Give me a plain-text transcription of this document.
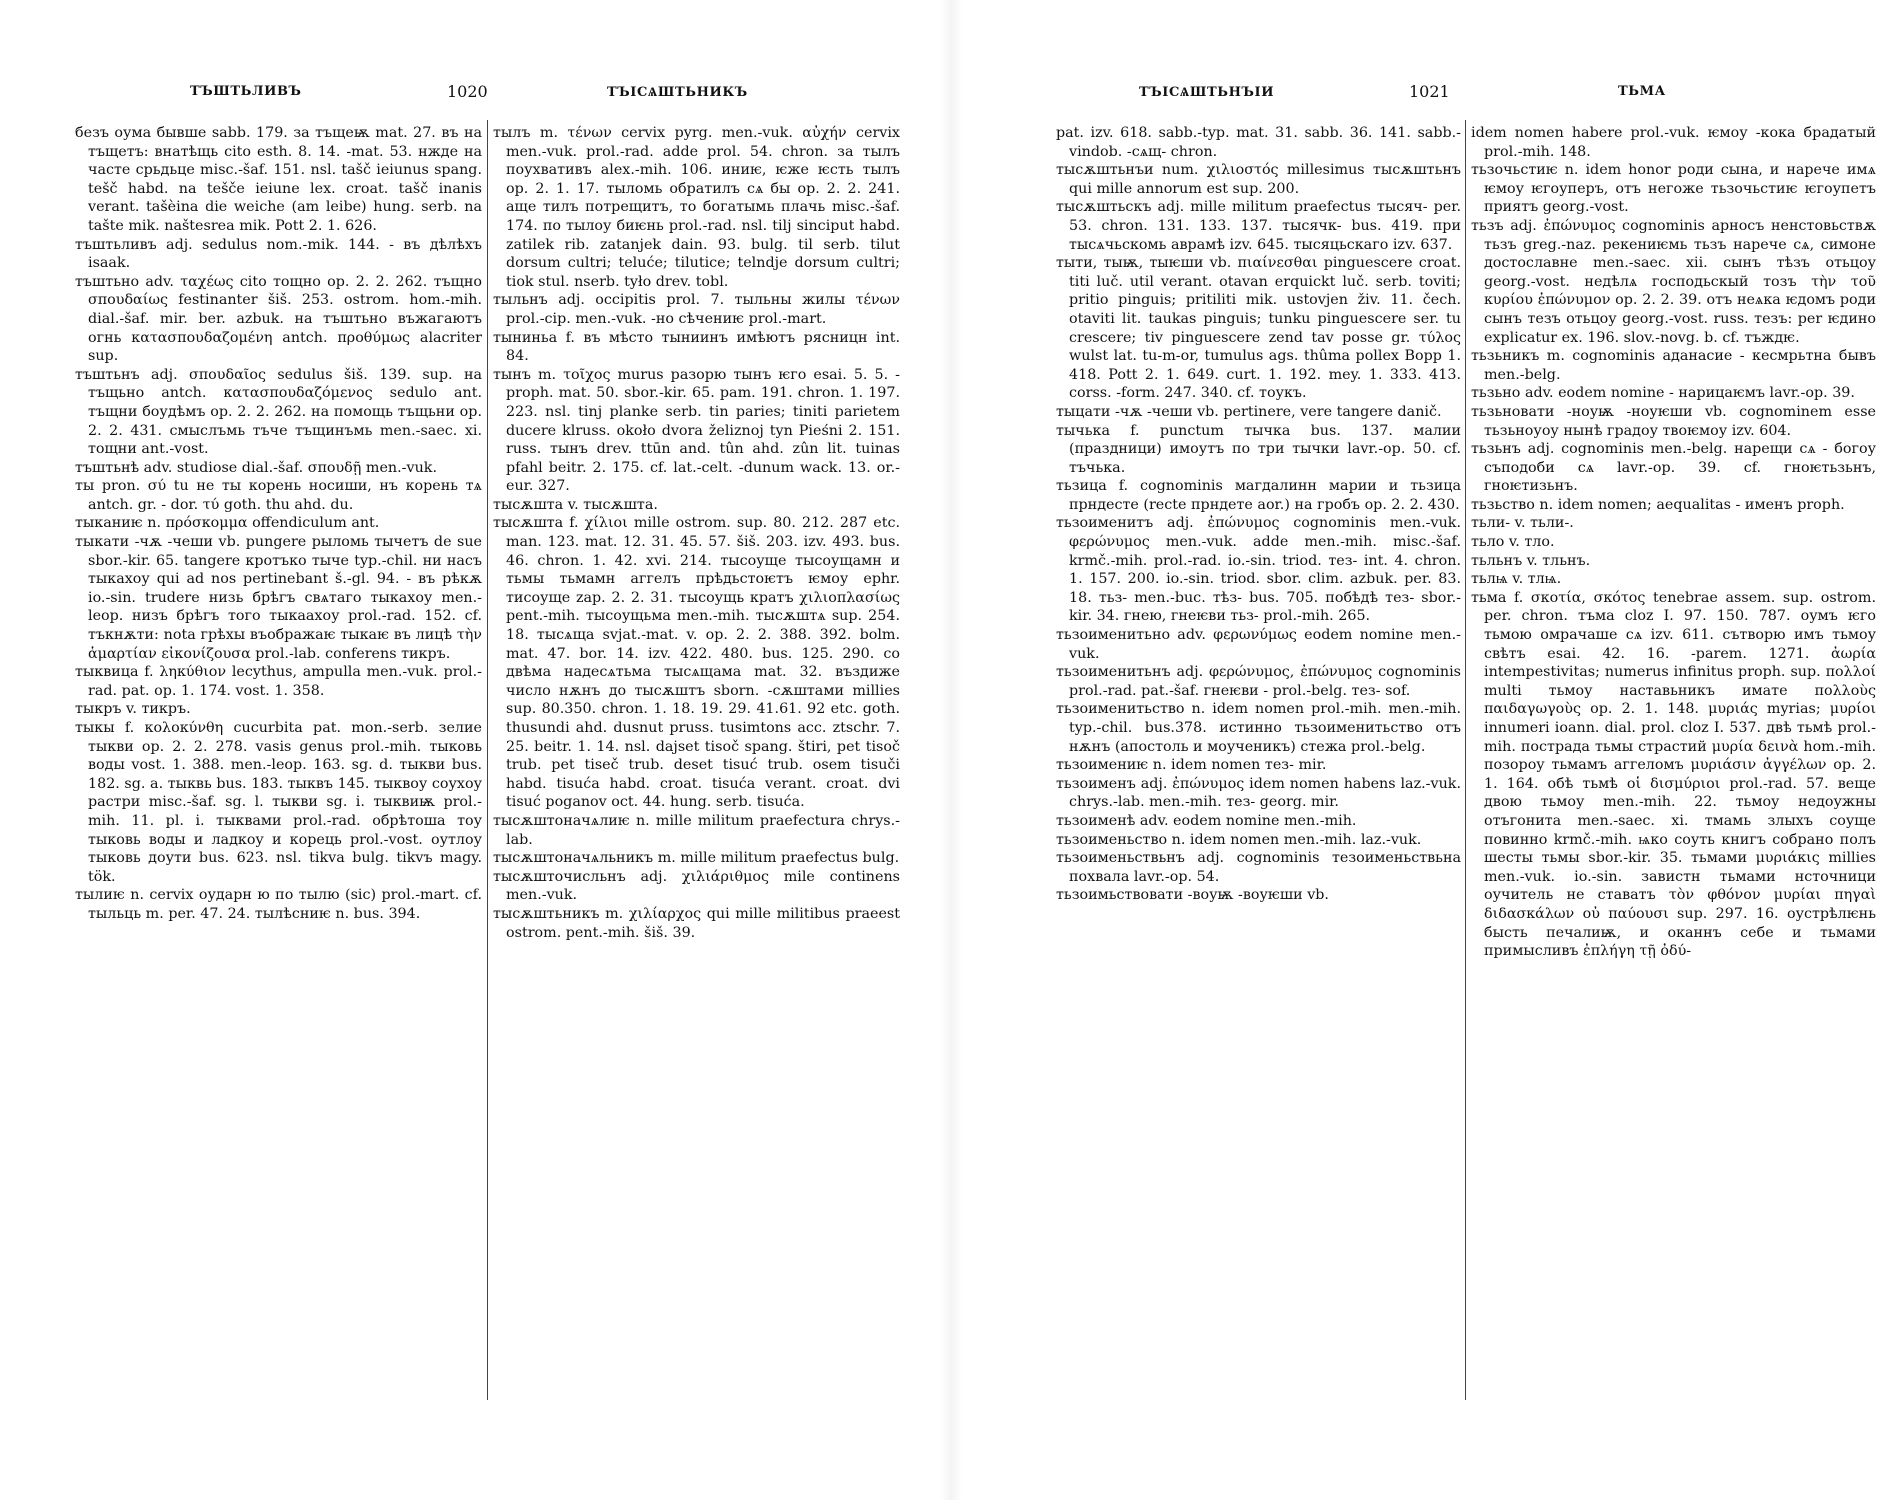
ТЪШТЬЛИВЪ	1020	ТЪІСѦШТЬНИКЪ

безъ оума бывше sabb. 179. за тъщеѭ mat. 27. въ на тъщетъ: внатѣщь cito esth. 8. 14. -mat. 53. нжде на часте срьдьце misc.-šaf. 151. nsl. tašč ieiunus spang. tešč habd. na tešče ieiune lex. croat. tašč inanis verant. tašèina die weiche (am leibe) hung. serb. na tašte mik. naštesrea mik. Pott 2. 1. 626.

тъштьливъ adj. sedulus nom.-mik. 144. - въ дѣлѣхъ isaak.

тъштьно adv. ταχέως cito тощно op. 2. 2. 262. тъщно σπουδαίως festinanter šiš. 253. ostrom. hom.-mih. dial.-šaf. mir. ber. azbuk. на тъштьно въжагаютъ огнь κατασπουδαζομένη antch. προθύμως alacriter sup.

тъштьнъ adj. σπουδαῖος sedulus šiš. 139. sup. на тъщьно antch. κατασπουδαζόμενος sedulo ant. тъщни боудѣмъ op. 2. 2. 262. на помощь тъщьни op. 2. 2. 431. смыслъмь тъче тъщинъмь men.-saec. xi. тощни ant.-vost.

тъштьнѣ adv. studiose dial.-šaf. σπουδῇ men.-vuk.

ты pron. σύ tu не ты корень носиши, нъ корень тѧ antch. gr. - dor. τύ goth. thu ahd. du.

тыканиѥ n. πρόσκομμα offendiculum ant.

тыкати -чѫ -чеши vb. pungere рыломь тычетъ de sue sbor.-kir. 65. tangere кротъко тыче typ.-chil. ни насъ тыкахоу qui ad nos pertinebant š.-gl. 94. - въ рѣкѫ io.-sin. trudere низь брѣгъ свѧтаго тыкахоу men.-leop. низъ брѣгъ того тыкаахоу prol.-rad. 152. cf. тъкнѫти: nota грѣхы въображаѥ тыкаѥ въ лицѣ τὴν ἁμαρτίαν εἰκονίζουσα prol.-lab. conferens тикръ.

тыквица f. ληκύθιον lecythus, ampulla men.-vuk. prol.-rad. pat. op. 1. 174. vost. 1. 358.

тыкръ v. тикръ.

тыкы f. κολοκύνθη cucurbita pat. mon.-serb. зелие тыкви op. 2. 2. 278. vasis genus prol.-mih. тыковь воды vost. 1. 388. men.-leop. 163. sg. d. тыкви bus. 182. sg. a. тыквь bus. 183. тыквъ 145. тыквоу соухоу растри misc.-šaf. sg. l. тыкви sg. i. тыквиѭ prol.-mih. 11. pl. i. тыквами prol.-rad. обрѣтоша тоу тыковь воды и ладкоу и корець prol.-vost. оутлоу тыковь доути bus. 623. nsl. tikva bulg. tikvъ magy. tök.

тылиѥ n. cervix оударн ю по тылю (sic) prol.-mart. cf. тыльць m. per. 47. 24. тылѣсниѥ n. bus. 394.

тылъ m. τένων cervix pyrg. men.-vuk. αὐχήν cervix men.-vuk. prol.-rad. adde prol. 54. chron. за тылъ поухвативъ alex.-mih. 106. иниѥ, ѥже ѥсть тылъ op. 2. 1. 17. тыломь обратилъ сѧ бы op. 2. 2. 241. аще тилъ потрещитъ, то богатымь плачь misc.-šaf. 174. по тылоу биѥнь prol.-rad. nsl. tilj sinciput habd. zatilek rib. zatanjek dain. 93. bulg. til serb. tilut dorsum cultri; teluće; tilutice; telndje dorsum cultri; tiok stul. nserb. tyło drev. tobl.

тыльнъ adj. occipitis prol. 7. тыльны жилы τένων prol.-cip. men.-vuk. -но сѣчениѥ prol.-mart.

тыниньа f. въ мѣсто тыниинъ имѣютъ рясницн int. 84.

тынъ m. τοῖχος murus разорю тынъ ѥго esai. 5. 5. -proph. mat. 50. sbor.-kir. 65. pam. 191. chron. 1. 197. 223. nsl. tinj planke serb. tin paries; tiniti parietem ducere klruss. około dvora želiznoj tyn Pieśni 2. 151. russ. тынъ drev. ttūn and. tûn ahd. zûn lit. tuinas pfahl beitr. 2. 175. cf. lat.-celt. -dunum wack. 13. or.-eur. 327.

тысѫшта v. тысѫшта.

тысѫшта f. χίλιοι mille ostrom. sup. 80. 212. 287 etc. man. 123. mat. 12. 31. 45. 57. šiš. 203. izv. 493. bus. 46. chron. 1. 42. xvi. 214. тысоуще тысоущамн и тьмы тьмамн аггелъ прѣдьстоѥтъ ѥмоу ephr. тисоуще zap. 2. 2. 31. тысоущь кратъ χιλιοπλασίως pent.-mih. тысоущьма men.-mih. тысѫштѧ sup. 254. 18. тысѧща svjat.-mat. v. op. 2. 2. 388. 392. bolm. mat. 47. bor. 14. izv. 422. 480. bus. 125. 290. со двѣма надесѧтьма тысѧщама mat. 32. въздиже число нѫнъ до тысѫштъ sborn. -сѫштами millies sup. 80.350. chron. 1. 18. 19. 29. 41.61. 92 etc. goth. thusundi ahd. dusnut pruss. tusimtons acc. ztschr. 7. 25. beitr. 1. 14. nsl. dajset tisoč spang. štiri, pet tisoč trub. pet tiseč trub. deset tisuć trub. osem tisuči habd. tisuća habd. croat. tisuća verant. croat. dvi tisuć poganov oct. 44. hung. serb. tisuća.

тысѫштоначѧлиѥ n. mille militum praefectura chrys.-lab.

тысѫштоначѧльникъ m. mille militum praefectus bulg.

тысѫшточисльнъ adj. χιλιάριθμος mile continens men.-vuk.

тысѫштьникъ m. χιλίαρχος qui mille militibus praeest ostrom. pent.-mih. šiš. 39.

ТЪІСѦШТЬНЪІИ	1021	ТЬМА

pat. izv. 618. sabb.-typ. mat. 31. sabb. 36. 141. sabb.-vindob. -сѧщ- chron.

тысѫштьнъи num. χιλιοστός millesimus тысѫштьнъ qui mille annorum est sup. 200.

тысѫштьскъ adj. mille militum praefectus тысяч- per. 53. chron. 131. 133. 137. тысячк- bus. 419. при тысѧчьскомь аврамѣ izv. 645. тысяцьскаго izv. 637.

тыти, тыѭ, тыѥши vb. πιαίνεσθαι pinguescere croat. titi luč. util verant. otavan erquickt luč. serb. toviti; pritio pinguis; pritiliti mik. ustovjen živ. 11. čech. otaviti lit. taukas pinguis; tunku pinguescere ser. tu crescere; tiv pinguescere zend tav posse gr. τύλος wulst lat. tu-m-or, tumulus ags. thûma pollex Bopp 1. 418. Pott 2. 1. 649. curt. 1. 192. mey. 1. 333. 413. corss. -form. 247. 340. cf. тоукъ.

тыцати -чѫ -чеши vb. pertinere, vere tangere danič.

тычька f. punctum тычка bus. 137. малии (праздници) имоутъ по три тычки lavr.-op. 50. cf. тъчька.

тьзица f. cognominis магдалинн марии и тьзица прндесте (recte прндете aor.) на гробъ op. 2. 2. 430.

тьзоименитъ adj. ἐπώνυμος cognominis men.-vuk. φερώνυμος men.-vuk. adde men.-mih. misc.-šaf. krmč.-mih. prol.-rad. io.-sin. triod. тез- int. 4. chron. 1. 157. 200. io.-sin. triod. sbor. clim. azbuk. per. 83. 18. тьз- men.-buc. тѣз- bus. 705. побѣдѣ тез- sbor.-kir. 34. гнею, гнеѥви тьз- prol.-mih. 265.

тьзоименитьно adv. φερωνύμως eodem nomine men.-vuk.

тьзоименитьнъ adj. φερώνυμος, ἐπώνυμος cognominis prol.-rad. pat.-šaf. гнеѥви - prol.-belg. тез- sof.

тьзоименитьство n. idem nomen prol.-mih. men.-mih. typ.-chil. bus.378. истинно тьзоименитьство отъ нѫнъ (апостоль и моученикъ) стежа prol.-belg.

тьзоимениѥ n. idem nomen тез- mir.

тьзоименъ adj. ἐπώνυμος idem nomen habens laz.-vuk. chrys.-lab. men.-mih. тез- georg. mir.

тьзоименѣ adv. eodem nomine men.-mih.

тьзоименьство n. idem nomen men.-mih. laz.-vuk.

тьзоименьствьнъ adj. cognominis тезоименьствьна похвала lavr.-op. 54.

тьзоимьствовати -воуѭ -воуѥши vb.

idem nomen habere prol.-vuk. ѥмоу -кока брадатый prol.-mih. 148.

тьзочьстиѥ n. idem honor роди сына, и нарече имѧ ѥмоу ѥгоуперъ, отъ негоже тьзочьстиѥ ѥгоупетъ приятъ georg.-vost.

тьзъ adj. ἐπώνυμος cognominis арносъ ненстовьствѫ тьзъ greg.-naz. рекениѥмь тьзъ нарече сѧ, симоне достославне men.-saec. xii. сынъ тѣзъ отьцоу georg.-vost. недѣлѧ господьскый тозъ τὴν τοῦ κυρίου ἐπώνυμον op. 2. 2. 39. отъ неѧка ѥдомъ роди сынъ тезъ отьцоу georg.-vost. russ. тезъ: per ѥдино explicatur ex. 196. slov.-novg. b. cf. тъждѥ.

тьзьникъ m. cognominis аданасие - кесмрьтна бывъ men.-belg.

тьзьно adv. eodem nomine - нарицаѥмъ lavr.-op. 39.

тьзьновати -ноуѭ -ноуѥши vb. cognominem esse тьзьноуоу нынѣ градоу твоѥмоу izv. 604.

тьзьнъ adj. cognominis men.-belg. нарещи сѧ - богоу съподоби сѧ lavr.-op. 39. cf. гноѥтьзьнъ, гноѥтизьнъ.

тьзьство n. idem nomen; aequalitas - именъ proph.

тьли- v. тьли-.

тьло v. тло.

тьльнъ v. тльнъ.

тьлѩ v. тлѩ.

тьма f. σκοτία, σκότος tenebrae assem. sup. ostrom. per. chron. тъма cloz I. 97. 150. 787. оумъ ѥго тьмою омрачаше сѧ izv. 611. сътворю имъ тьмоу свѣтъ esai. 42. 16. -parem. 1271. ἀωρία intempestivitas; numerus infinitus proph. sup. πολλοί multi тьмоу наставьникъ имате πολλοὺς παιδαγωγοὺς op. 2. 1. 148. μυριάς myrias; μυρίοι innumeri ioann. dial. prol. cloz I. 537. двѣ тьмѣ prol.-mih. пострада тьмы страстий μυρία δεινὰ hom.-mih. позороу тьмамъ аггеломъ μυριάσιν ἀγγέλων op. 2. 1. 164. обѣ тьмѣ οἱ δισμύριοι prol.-rad. 57. веще двою тьмоу men.-mih. 22. тьмоу недоужны отъгонита men.-saec. xi. тмамь злыхъ соуще повинно krmč.-mih. ѩко соуть книгъ собрано полъ шесты тьмы sbor.-kir. 35. тьмами μυριάκις millies men.-vuk. io.-sin. завистн тьмами нсточници оучитель не ставатъ τὸν φθόνον μυρίαι πηγαὶ διδασκάλων οὐ παύουσι sup. 297. 16. оустрѣлѥнь бысть печалиѭ, и оканнъ себе и тьмами примысливъ ἐπλήγη τῇ ὀδύ-
